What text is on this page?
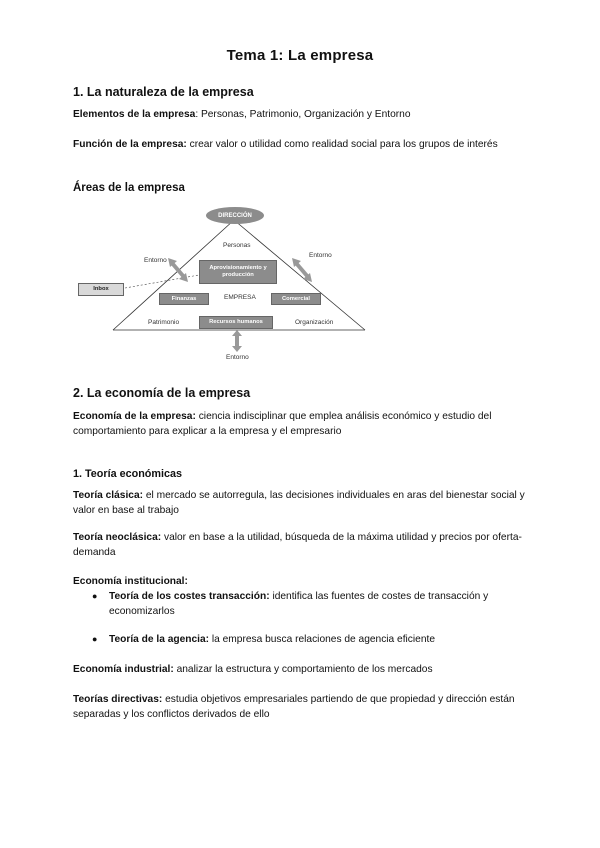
Tema 1: La empresa
1. La naturaleza de la empresa
Elementos de la empresa: Personas, Patrimonio, Organización y Entorno
Función de la empresa: crear valor o utilidad como realidad social para los grupos de interés
Áreas de la empresa
DIRECCIÓN
Personas
Entorno
Entorno
Aprovisionamiento y producción
Inbox
Finanzas	EMPRESA	Comercial
Patrimonio	Recursos humanos	Organización
Entorno
2. La economía de la empresa
Economía de la empresa: ciencia indisciplinar que emplea análisis económico y estudio del comportamiento para explicar a la empresa y el empresario
1. Teoría económicas
Teoría clásica: el mercado se autorregula, las decisiones individuales en aras del bienestar social y valor en base al trabajo
Teoría neoclásica: valor en base a la utilidad, búsqueda de la máxima utilidad y precios por oferta-demanda
Economía institucional:
● Teoría de los costes transacción: identifica las fuentes de costes de transacción y economizarlos
● Teoría de la agencia: la empresa busca relaciones de agencia eficiente
Economía industrial: analizar la estructura y comportamiento de los mercados
Teorías directivas: estudia objetivos empresariales partiendo de que propiedad y dirección están separadas y los conflictos derivados de ello
